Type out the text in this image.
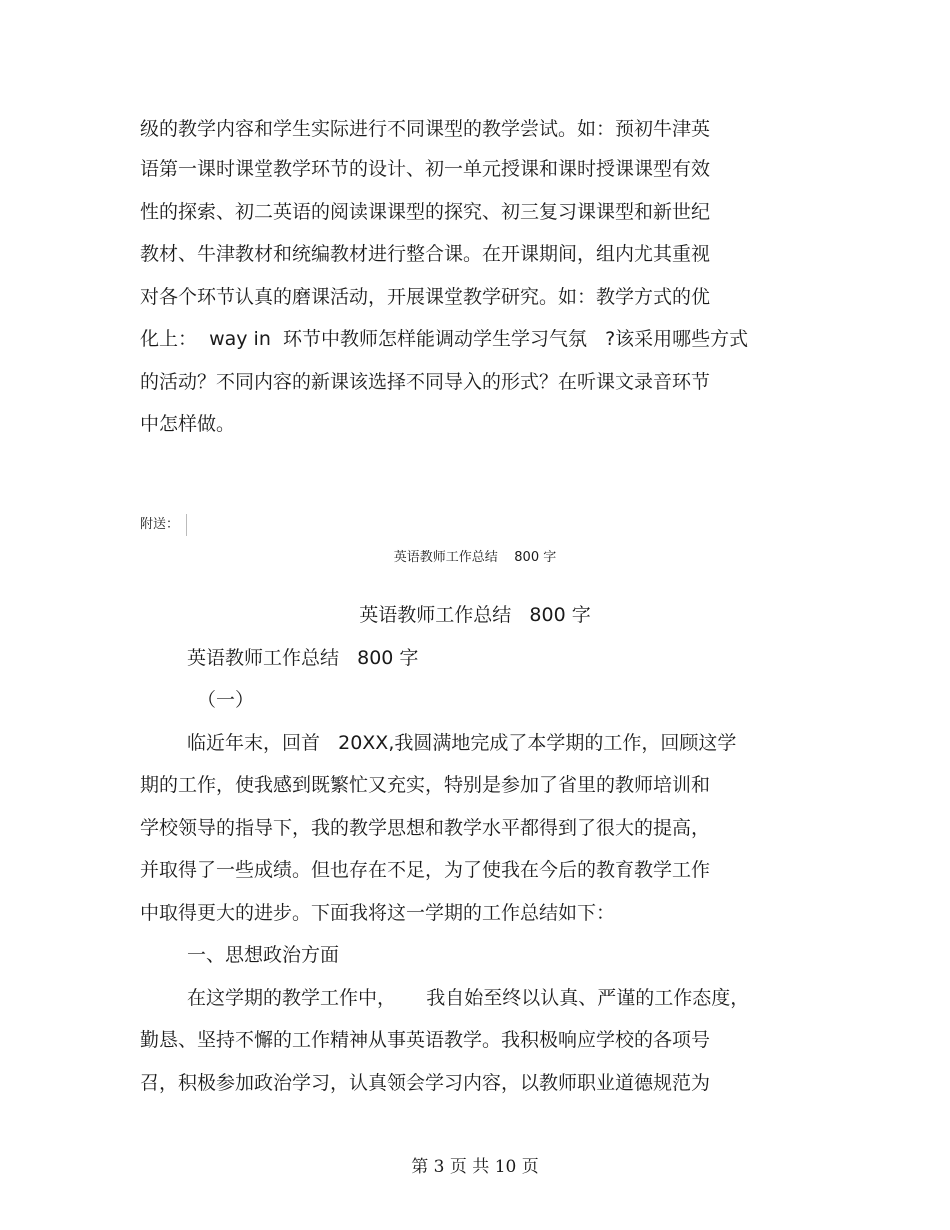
级的教学内容和学生实际进行不同课型的教学尝试。如：预初牛津英
语第一课时课堂教学环节的设计、初一单元授课和课时授课课型有效
性的探索、初二英语的阅读课课型的探究、初三复习课课型和新世纪
教材、牛津教材和统编教材进行整合课。在开课期间，组内尤其重视
对各个环节认真的磨课活动，开展课堂教学研究。如：教学方式的优
化上：  way in  环节中教师怎样能调动学生学习气氛   ?该采用哪些方式
的活动？不同内容的新课该选择不同导入的形式？在听课文录音环节
中怎样做。
附送：
英语教师工作总结    800 字
英语教师工作总结   800 字
英语教师工作总结   800 字
（一）
临近年末，回首   20XX,我圆满地完成了本学期的工作，回顾这学
期的工作，使我感到既繁忙又充实，特别是参加了省里的教师培训和
学校领导的指导下，我的教学思想和教学水平都得到了很大的提高，
并取得了一些成绩。但也存在不足，为了使我在今后的教育教学工作
中取得更大的进步。下面我将这一学期的工作总结如下：
一、思想政治方面
在这学期的教学工作中，     我自始至终以认真、严谨的工作态度，
勤恳、坚持不懈的工作精神从事英语教学。我积极响应学校的各项号
召，积极参加政治学习，认真领会学习内容，以教师职业道德规范为
第 3 页 共 10 页
